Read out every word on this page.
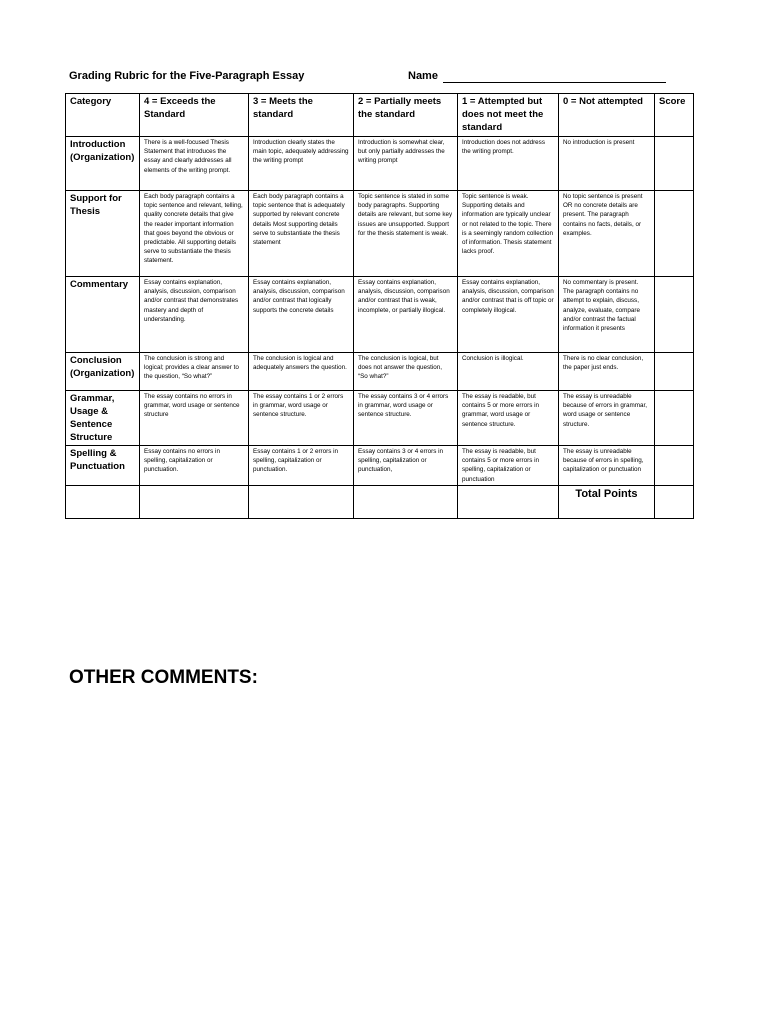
Grading Rubric for the Five-Paragraph Essay	Name
Category	4 = Exceeds the Standard	3 = Meets the standard	2 = Partially meets the standard	1 = Attempted but does not meet the standard	0 = Not attempted	Score
Introduction (Organization)	There is a well-focused Thesis Statement that introduces the essay and clearly addresses all elements of the writing prompt.	Introduction clearly states the main topic, adequately addressing the writing prompt	Introduction is somewhat clear, but only partially addresses the writing prompt	Introduction does not address the writing prompt.	No introduction is present	
Support for Thesis	Each body paragraph contains a topic sentence and relevant, telling, quality concrete details that give the reader important information that goes beyond the obvious or predictable. All supporting details serve to substantiate the thesis statement.	Each body paragraph contains a topic sentence that is adequately supported by relevant concrete details Most supporting details serve to substantiate the thesis statement	Topic sentence is stated in some body paragraphs. Supporting details are relevant, but some key issues are unsupported. Support for the thesis statement is weak.	Topic sentence is weak. Supporting details and information are typically unclear or not related to the topic. There is a seemingly random collection of information. Thesis statement lacks proof.	No topic sentence is present OR no concrete details are present. The paragraph contains no facts, details, or examples.	
Commentary	Essay contains explanation, analysis, discussion, comparison and/or contrast that demonstrates mastery and depth of understanding.	Essay contains explanation, analysis, discussion, comparison and/or contrast that logically supports the concrete details	Essay contains explanation, analysis, discussion, comparison and/or contrast that is weak, incomplete, or partially illogical.	Essay contains explanation, analysis, discussion, comparison and/or contrast that is off topic or completely illogical.	No commentary is present. The paragraph contains no attempt to explain, discuss, analyze, evaluate, compare and/or contrast the factual information it presents	
Conclusion (Organization)	The conclusion is strong and logical; provides a clear answer to the question, “So what?”	The conclusion is logical and adequately answers the question.	The conclusion is logical, but does not answer the question, “So what?”	Conclusion is illogical.	There is no clear conclusion, the paper just ends.	
Grammar, Usage & Sentence Structure	The essay contains no errors in grammar, word usage or sentence structure	The essay contains 1 or 2 errors in grammar, word usage or sentence structure.	The essay contains 3 or 4 errors in grammar, word usage or sentence structure.	The essay is readable, but contains 5 or more errors in grammar, word usage or sentence structure.	The essay is unreadable because of errors in grammar, word usage or sentence structure.	
Spelling & Punctuation	Essay contains no errors in spelling, capitalization or punctuation.	Essay contains 1 or 2 errors in spelling, capitalization or punctuation.	Essay contains 3 or 4 errors in spelling, capitalization or punctuation,	The essay is readable, but contains 5 or more errors in spelling, capitalization or punctuation	The essay is unreadable because of errors in spelling, capitalization or punctuation	
					Total Points	
OTHER COMMENTS:
